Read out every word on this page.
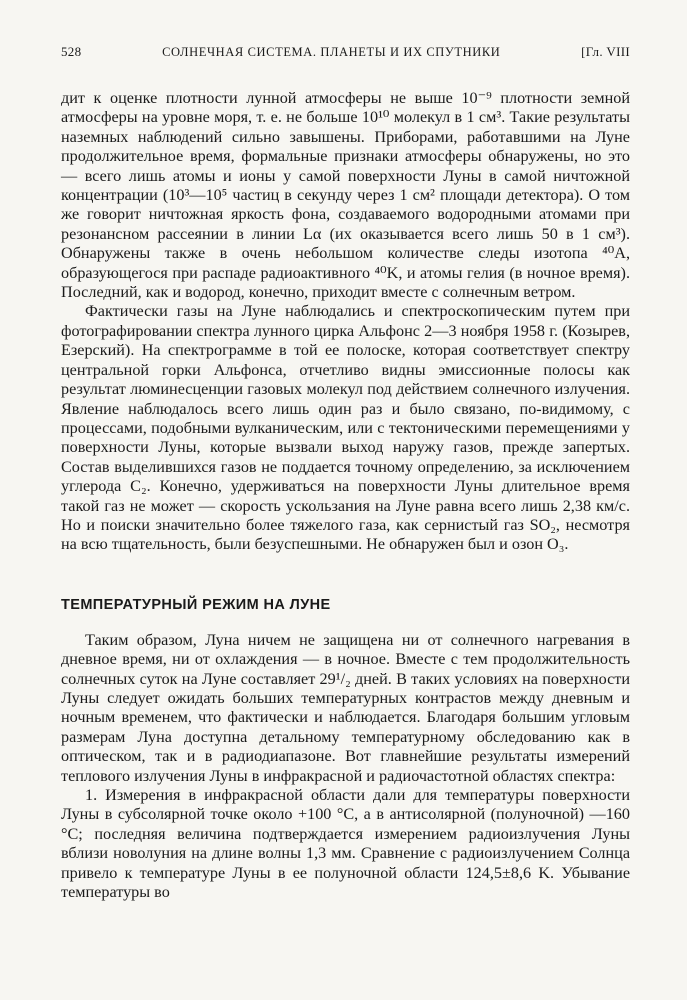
528	СОЛНЕЧНАЯ СИСТЕМА. ПЛАНЕТЫ И ИХ СПУТНИКИ	[Гл. VIII

дит к оценке плотности лунной атмосферы не выше 10⁻⁹ плотности земной атмосферы на уровне моря, т. е. не больше 10¹⁰ молекул в 1 см³. Такие результаты наземных наблюдений сильно завышены. Приборами, работавшими на Луне продолжительное время, формальные признаки атмосферы обнаружены, но это — всего лишь атомы и ионы у самой поверхности Луны в самой ничтожной концентрации (10³—10⁵ частиц в секунду через 1 см² площади детектора). О том же говорит ничтожная яркость фона, создаваемого водородными атомами при резонансном рассеянии в линии Lα (их оказывается всего лишь 50 в 1 см³). Обнаружены также в очень небольшом количестве следы изотопа ⁴⁰A, образующегося при распаде радиоактивного ⁴⁰K, и атомы гелия (в ночное время). Последний, как и водород, конечно, приходит вместе с солнечным ветром.

Фактически газы на Луне наблюдались и спектроскопическим путем при фотографировании спектра лунного цирка Альфонс 2—3 ноября 1958 г. (Козырев, Езерский). На спектрограмме в той ее полоске, которая соответствует спектру центральной горки Альфонса, отчетливо видны эмиссионные полосы как результат люминесценции газовых молекул под действием солнечного излучения. Явление наблюдалось всего лишь один раз и было связано, по-видимому, с процессами, подобными вулканическим, или с тектоническими перемещениями у поверхности Луны, которые вызвали выход наружу газов, прежде запертых. Состав выделившихся газов не поддается точному определению, за исключением углерода C₂. Конечно, удерживаться на поверхности Луны длительное время такой газ не может — скорость ускользания на Луне равна всего лишь 2,38 км/с. Но и поиски значительно более тяжелого газа, как сернистый газ SO₂, несмотря на всю тщательность, были безуспешными. Не обнаружен был и озон O₃.

ТЕМПЕРАТУРНЫЙ РЕЖИМ НА ЛУНЕ

Таким образом, Луна ничем не защищена ни от солнечного нагревания в дневное время, ни от охлаждения — в ночное. Вместе с тем продолжительность солнечных суток на Луне составляет 29¹/₂ дней. В таких условиях на поверхности Луны следует ожидать больших температурных контрастов между дневным и ночным временем, что фактически и наблюдается. Благодаря большим угловым размерам Луна доступна детальному температурному обследованию как в оптическом, так и в радиодиапазоне. Вот главнейшие результаты измерений теплового излучения Луны в инфракрасной и радиочастотной областях спектра:

1. Измерения в инфракрасной области дали для температуры поверхности Луны в субсолярной точке около +100 °C, а в антисолярной (полуночной) —160 °C; последняя величина подтверждается измерением радиоизлучения Луны вблизи новолуния на длине волны 1,3 мм. Сравнение с радиоизлучением Солнца привело к температуре Луны в ее полуночной области 124,5±8,6 K. Убывание температуры во
